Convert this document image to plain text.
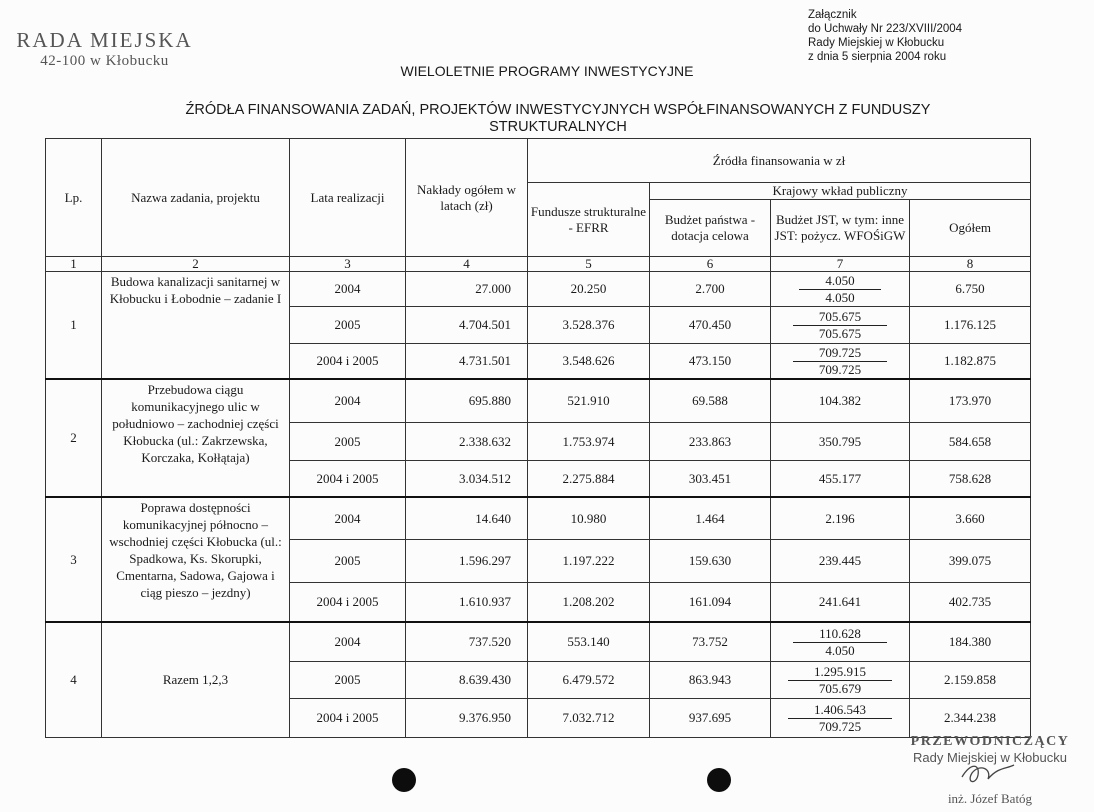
RADA MIEJSKA
42-100 w Kłobucku
Załącznik
do Uchwały Nr 223/XVIII/2004
Rady Miejskiej w Kłobucku
z dnia 5 sierpnia 2004 roku
WIELOLETNIE PROGRAMY INWESTYCYJNE
ŹRÓDŁA FINANSOWANIA ZADAŃ, PROJEKTÓW INWESTYCYJNYCH WSPÓŁFINANSOWANYCH Z FUNDUSZY STRUKTURALNYCH
Lp.	Nazwa zadania, projektu	Lata realizacji	Nakłady ogółem w latach (zł)	Źródła finansowania w zł			
				Fundusze strukturalne - EFRR	Krajowy wkład publiczny		
					Budżet państwa -dotacja celowa	Budżet JST, w tym: inne JST: pożycz. WFOŚiGW	Ogółem
1	2	3	4	5	6	7	8
1	Budowa kanalizacji sanitarnej w Kłobucku i Łobodnie – zadanie I	2004	27.000	20.250	2.700	$\frac{4.050}{4.050}$	6.750
		2005	4.704.501	3.528.376	470.450	$\frac{705.675}{705.675}$	1.176.125
		2004 i 2005	4.731.501	3.548.626	473.150	$\frac{709.725}{709.725}$	1.182.875
2	Przebudowa ciągu komunikacyjnego ulic w południowo – zachodniej części Kłobucka (ul.: Zakrzewska, Korczaka, Kołłątaja)	2004	695.880	521.910	69.588	104.382	173.970
		2005	2.338.632	1.753.974	233.863	350.795	584.658
		2004 i 2005	3.034.512	2.275.884	303.451	455.177	758.628
3	Poprawa dostępności komunikacyjnej północno – wschodniej części Kłobucka (ul.: Spadkowa, Ks. Skorupki, Cmentarna, Sadowa, Gajowa i ciąg pieszo – jezdny)	2004	14.640	10.980	1.464	2.196	3.660
		2005	1.596.297	1.197.222	159.630	239.445	399.075
		2004 i 2005	1.610.937	1.208.202	161.094	241.641	402.735
4	Razem 1,2,3	2004	737.520	553.140	73.752	$\frac{110.628}{4.050}$	184.380
		2005	8.639.430	6.479.572	863.943	$\frac{1.295.915}{705.679}$	2.159.858
		2004 i 2005	9.376.950	7.032.712	937.695	$\frac{1.406.543}{709.725}$	2.344.238
PRZEWODNICZĄCY
Rady Miejskiej w Kłobucku
inż. Józef Batóg
